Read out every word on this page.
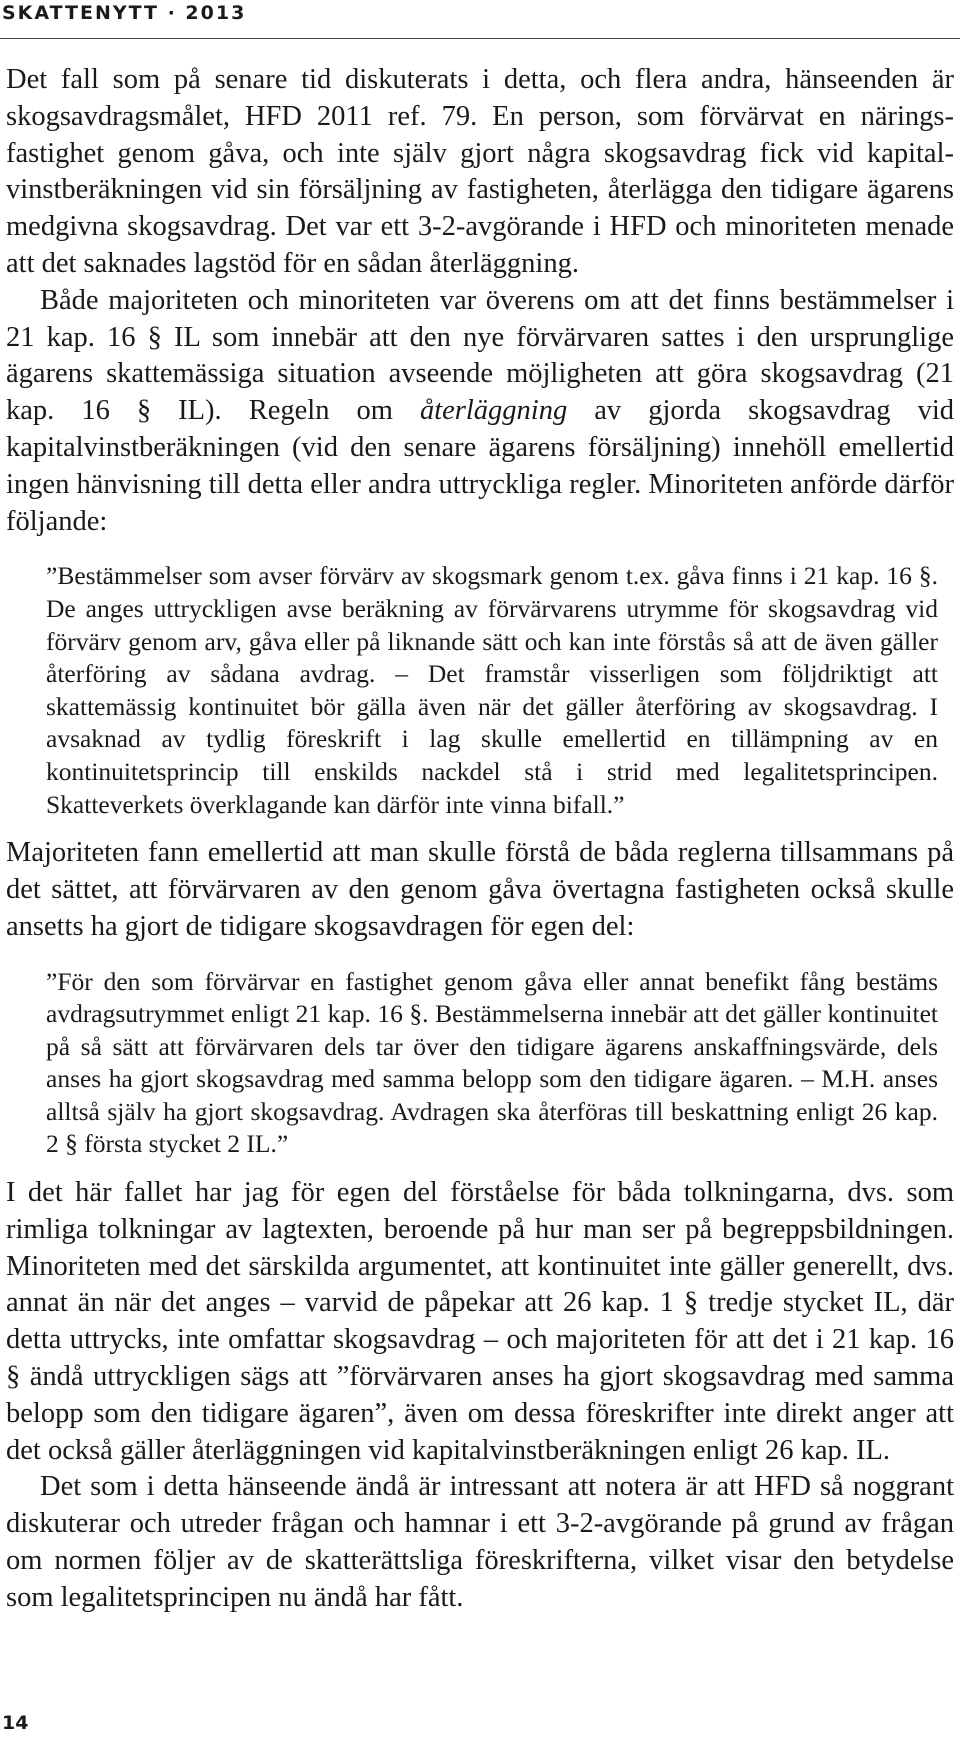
SKATTENYTT · 2013

Det fall som på senare tid diskuterats i detta, och flera andra, hänseenden är skogsavdragsmålet, HFD 2011 ref. 79. En person, som förvärvat en näringsfastighet genom gåva, och inte själv gjort några skogsavdrag fick vid kapitalvinstberäkningen vid sin försäljning av fastigheten, återlägga den tidigare ägarens medgivna skogsavdrag. Det var ett 3-2-avgörande i HFD och minoriteten menade att det saknades lagstöd för en sådan återläggning.

Både majoriteten och minoriteten var överens om att det finns bestämmelser i 21 kap. 16 § IL som innebär att den nye förvärvaren sattes i den ursprunglige ägarens skattemässiga situation avseende möjligheten att göra skogsavdrag (21 kap. 16 § IL). Regeln om återläggning av gjorda skogsavdrag vid kapitalvinstberäkningen (vid den senare ägarens försäljning) innehöll emellertid ingen hänvisning till detta eller andra uttryckliga regler. Minoriteten anförde därför följande:

”Bestämmelser som avser förvärv av skogsmark genom t.ex. gåva finns i 21 kap. 16 §. De anges uttryckligen avse beräkning av förvärvarens utrymme för skogsavdrag vid förvärv genom arv, gåva eller på liknande sätt och kan inte förstås så att de även gäller återföring av sådana avdrag. – Det framstår visserligen som följdriktigt att skattemässig kontinuitet bör gälla även när det gäller återföring av skogsavdrag. I avsaknad av tydlig föreskrift i lag skulle emellertid en tillämpning av en kontinuitetsprincip till enskilds nackdel stå i strid med legalitetsprincipen. Skatteverkets överklagande kan därför inte vinna bifall.”

Majoriteten fann emellertid att man skulle förstå de båda reglerna tillsammans på det sättet, att förvärvaren av den genom gåva övertagna fastigheten också skulle ansetts ha gjort de tidigare skogsavdragen för egen del:

”För den som förvärvar en fastighet genom gåva eller annat benefikt fång bestäms avdragsutrymmet enligt 21 kap. 16 §. Bestämmelserna innebär att det gäller kontinuitet på så sätt att förvärvaren dels tar över den tidigare ägarens anskaffningsvärde, dels anses ha gjort skogsavdrag med samma belopp som den tidigare ägaren. – M.H. anses alltså själv ha gjort skogsavdrag. Avdragen ska återföras till beskattning enligt 26 kap. 2 § första stycket 2 IL.”

I det här fallet har jag för egen del förståelse för båda tolkningarna, dvs. som rimliga tolkningar av lagtexten, beroende på hur man ser på begreppsbildningen. Minoriteten med det särskilda argumentet, att kontinuitet inte gäller generellt, dvs. annat än när det anges – varvid de påpekar att 26 kap. 1 § tredje stycket IL, där detta uttrycks, inte omfattar skogsavdrag – och majoriteten för att det i 21 kap. 16 § ändå uttryckligen sägs att ”förvärvaren anses ha gjort skogsavdrag med samma belopp som den tidigare ägaren”, även om dessa föreskrifter inte direkt anger att det också gäller återläggningen vid kapitalvinstberäkningen enligt 26 kap. IL.

Det som i detta hänseende ändå är intressant att notera är att HFD så noggrant diskuterar och utreder frågan och hamnar i ett 3-2-avgörande på grund av frågan om normen följer av de skatterättsliga föreskrifterna, vilket visar den betydelse som legalitetsprincipen nu ändå har fått.

14
